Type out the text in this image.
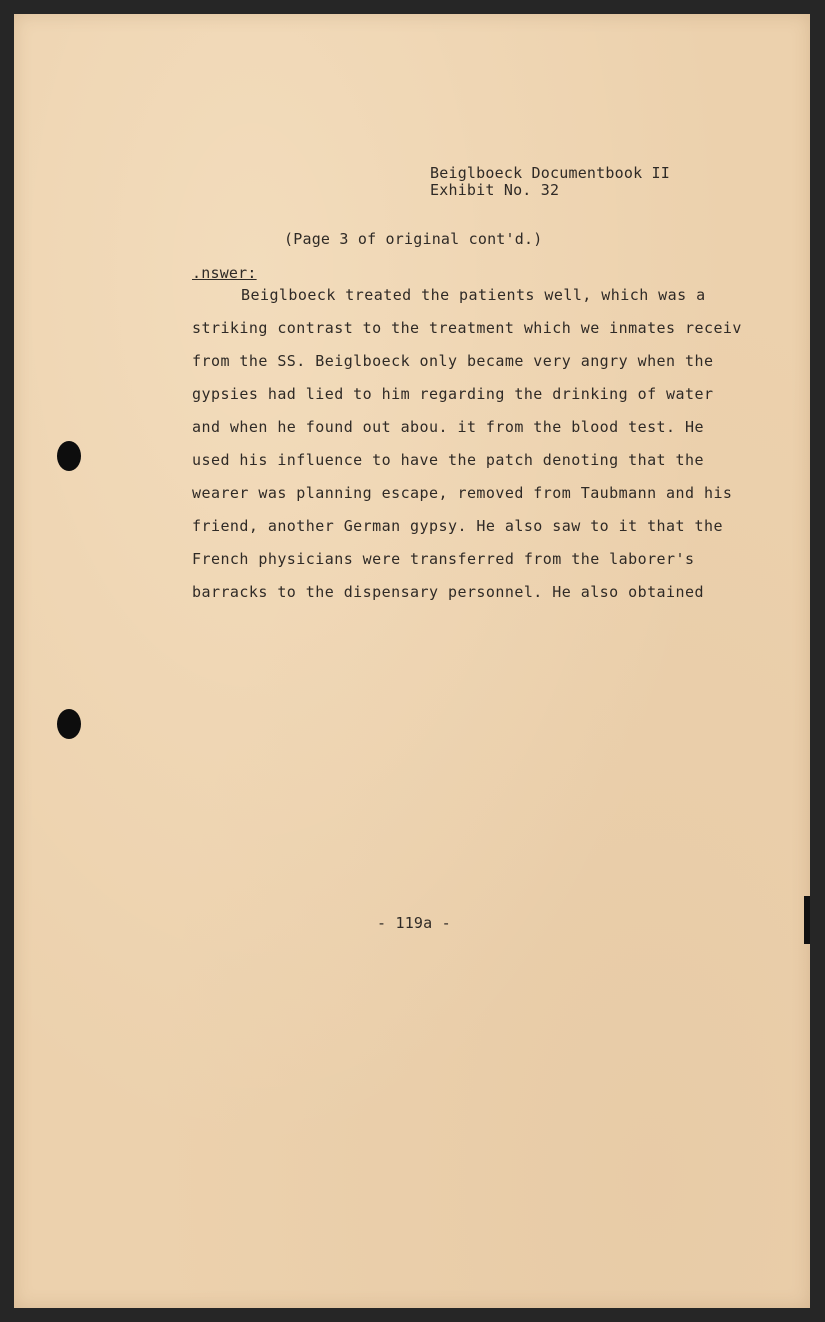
Beiglboeck Documentbook II
Exhibit No. 32
(Page 3 of original cont'd.)
.nswer:
Beiglboeck treated the patients well, which was a
striking contrast to the treatment which we inmates receiv
from the SS. Beiglboeck only became very angry when the
gypsies had lied to him regarding the drinking of water
and when he found out abou. it from the blood test. He
used his influence to have the patch denoting that the
wearer was planning escape, removed from Taubmann and his
friend, another German gypsy. He also saw to it that the
French physicians were transferred from the laborer's
barracks to the dispensary personnel. He also obtained
- 119a -
